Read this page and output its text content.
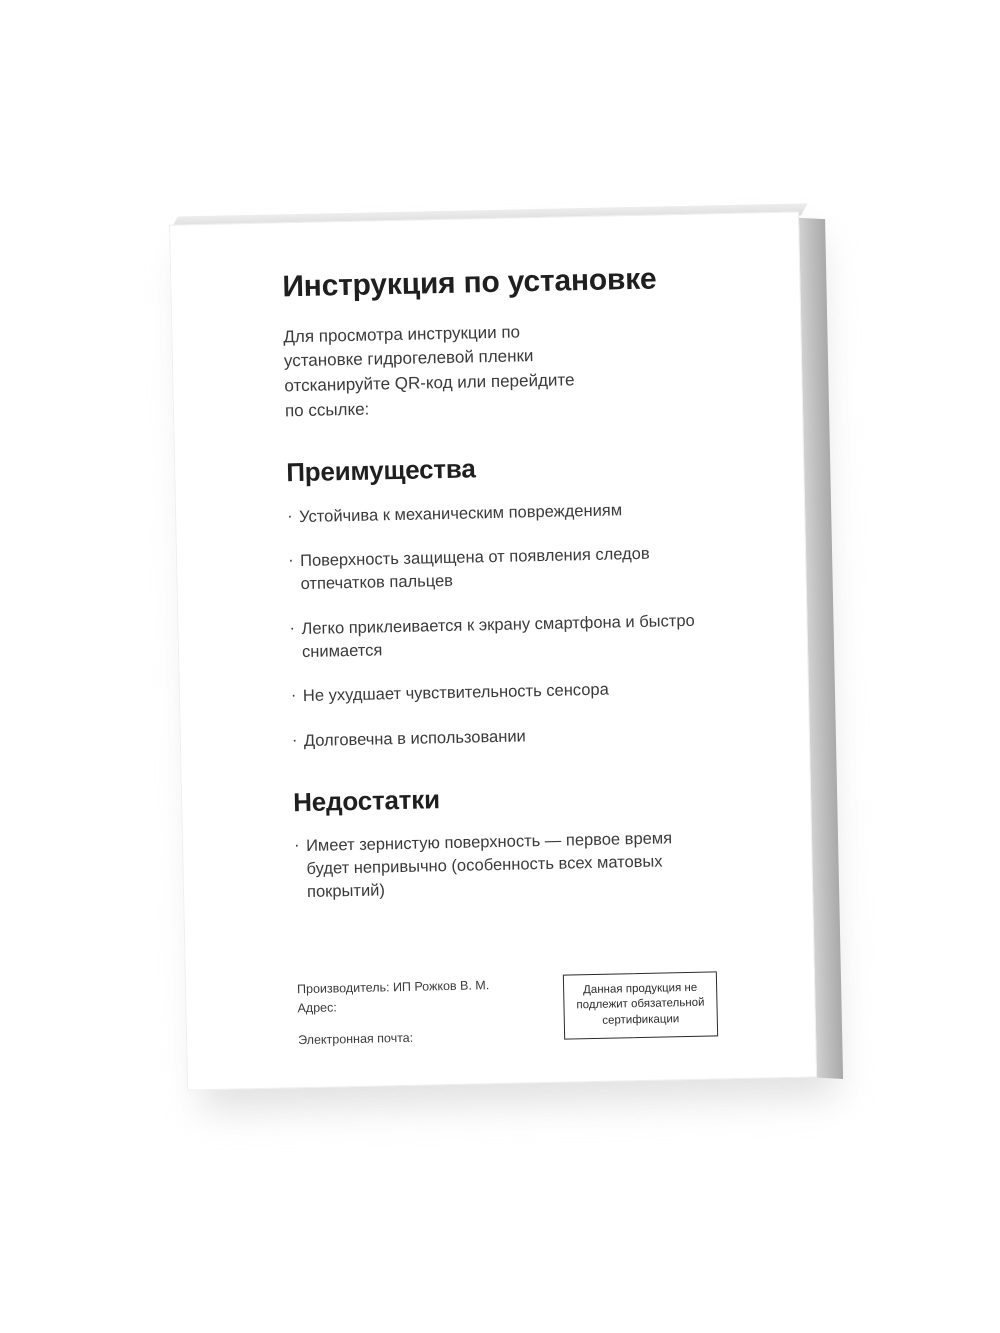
Инструкция по установке

Для просмотра инструкции по установке гидрогелевой пленки отсканируйте QR-код или перейдите по ссылке:

Преимущества
· Устойчива к механическим повреждениям
· Поверхность защищена от появления следов отпечатков пальцев
· Легко приклеивается к экрану смартфона и быстро снимается
· Не ухудшает чувствительность сенсора
· Долговечна в использовании
Недостатки
· Имеет зернистую поверхность — первое время будет непривычно (особенность всех матовых покрытий)
Производитель: ИП Рожков В. М.
Адрес:
Электронная почта:
Данная продукция не подлежит обязательной сертификации
